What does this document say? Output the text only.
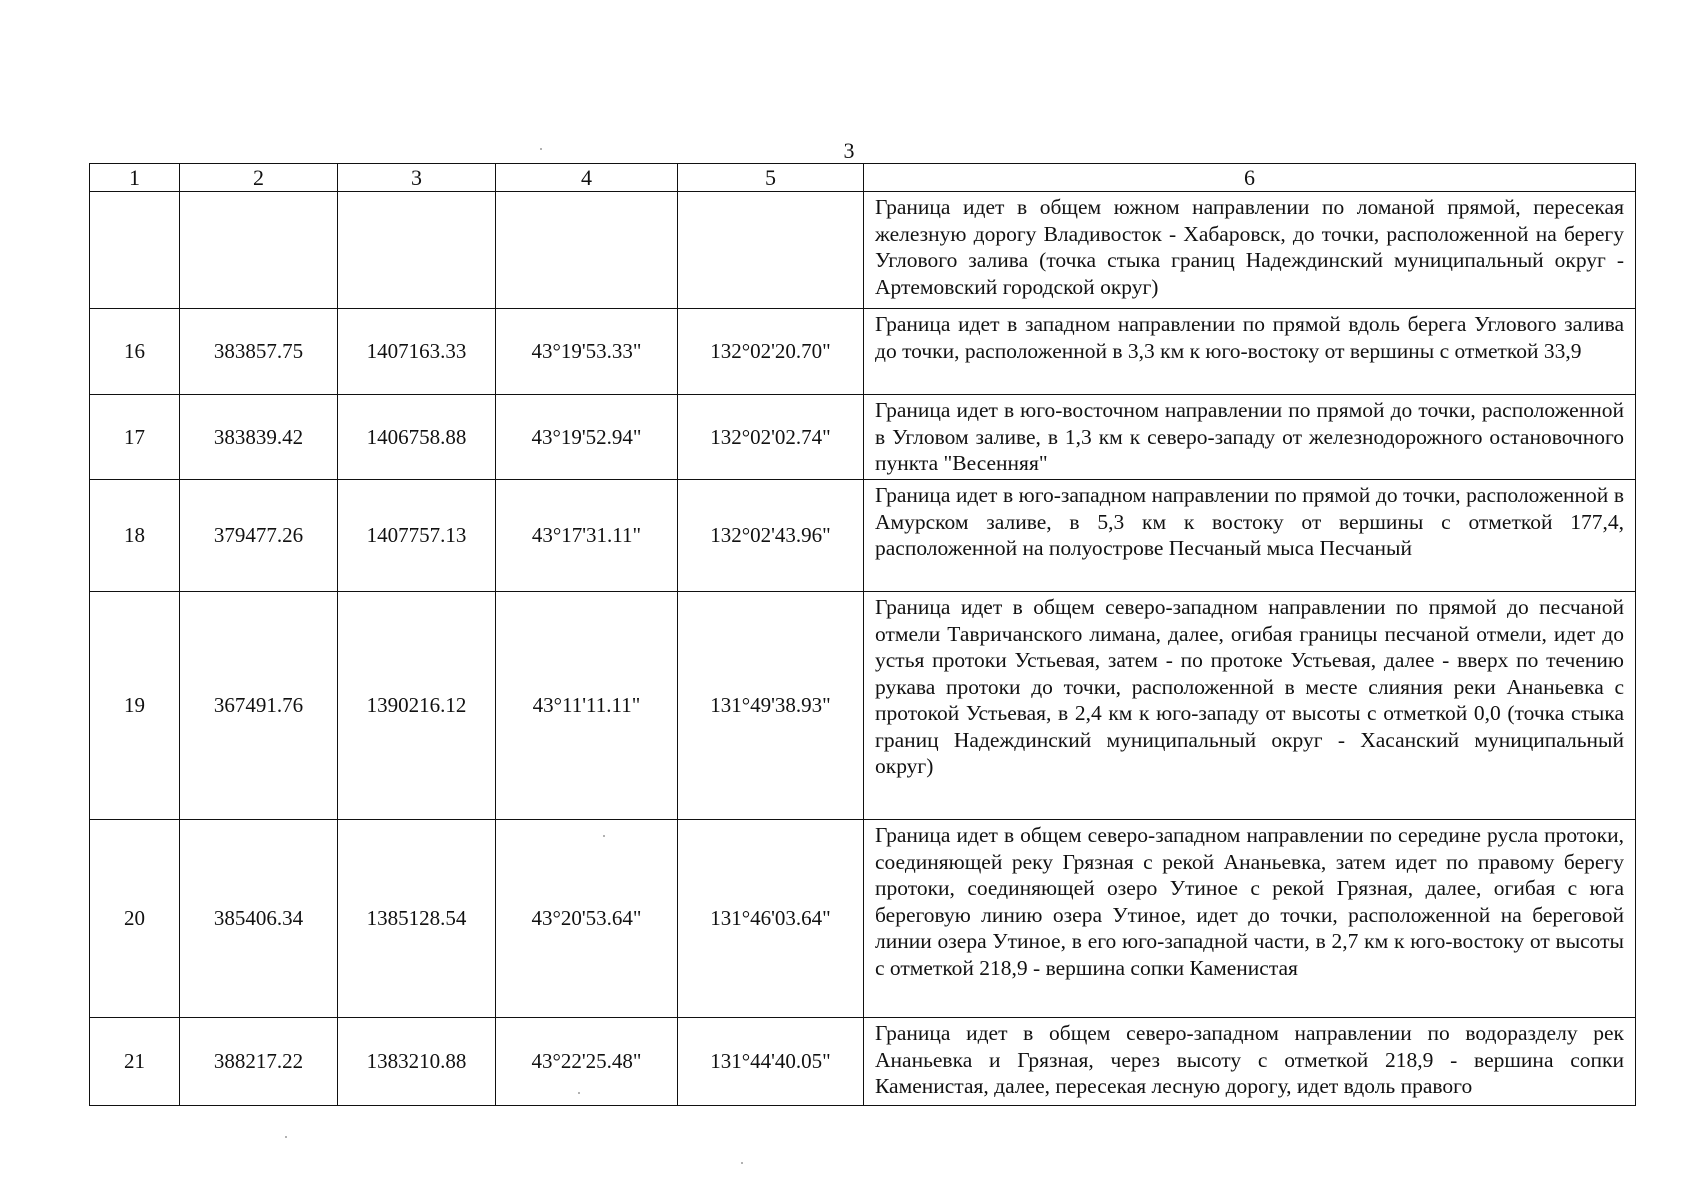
3
1	2	3	4	5	6
					Граница идет в общем южном направлении по ломаной прямой, пересекая железную дорогу Владивосток - Хабаровск, до точки, расположенной на берегу Углового залива (точка стыка границ Надеждинский муниципальный округ - Артемовский городской округ)
16	383857.75	1407163.33	43°19'53.33"	132°02'20.70"	Граница идет в западном направлении по прямой вдоль берега Углового залива до точки, расположенной в 3,3 км к юго-востоку от вершины с отметкой 33,9
17	383839.42	1406758.88	43°19'52.94"	132°02'02.74"	Граница идет в юго-восточном направлении по прямой до точки, расположенной в Угловом заливе, в 1,3 км к северо-западу от железнодорожного остановочного пункта "Весенняя"
18	379477.26	1407757.13	43°17'31.11"	132°02'43.96"	Граница идет в юго-западном направлении по прямой до точки, расположенной в Амурском заливе, в 5,3 км к востоку от вершины с отметкой 177,4, расположенной на полуострове Песчаный мыса Песчаный
19	367491.76	1390216.12	43°11'11.11"	131°49'38.93"	Граница идет в общем северо-западном направлении по прямой до песчаной отмели Тавричанского лимана, далее, огибая границы песчаной отмели, идет до устья протоки Устьевая, затем - по протоке Устьевая, далее - вверх по течению рукава протоки до точки, расположенной в месте слияния реки Ананьевка с протокой Устьевая, в 2,4 км к юго-западу от высоты с отметкой 0,0 (точка стыка границ Надеждинский муниципальный округ - Хасанский муниципальный округ)
20	385406.34	1385128.54	43°20'53.64"	131°46'03.64"	Граница идет в общем северо-западном направлении по середине русла протоки, соединяющей реку Грязная с рекой Ананьевка, затем идет по правому берегу протоки, соединяющей озеро Утиное с рекой Грязная, далее, огибая с юга береговую линию озера Утиное, идет до точки, расположенной на береговой линии озера Утиное, в его юго-западной части, в 2,7 км к юго-востоку от высоты с отметкой 218,9 - вершина сопки Каменистая
21	388217.22	1383210.88	43°22'25.48"	131°44'40.05"	Граница идет в общем северо-западном направлении по водоразделу рек Ананьевка и Грязная, через высоту с отметкой 218,9 - вершина сопки Каменистая, далее, пересекая лесную дорогу, идет вдоль правого
